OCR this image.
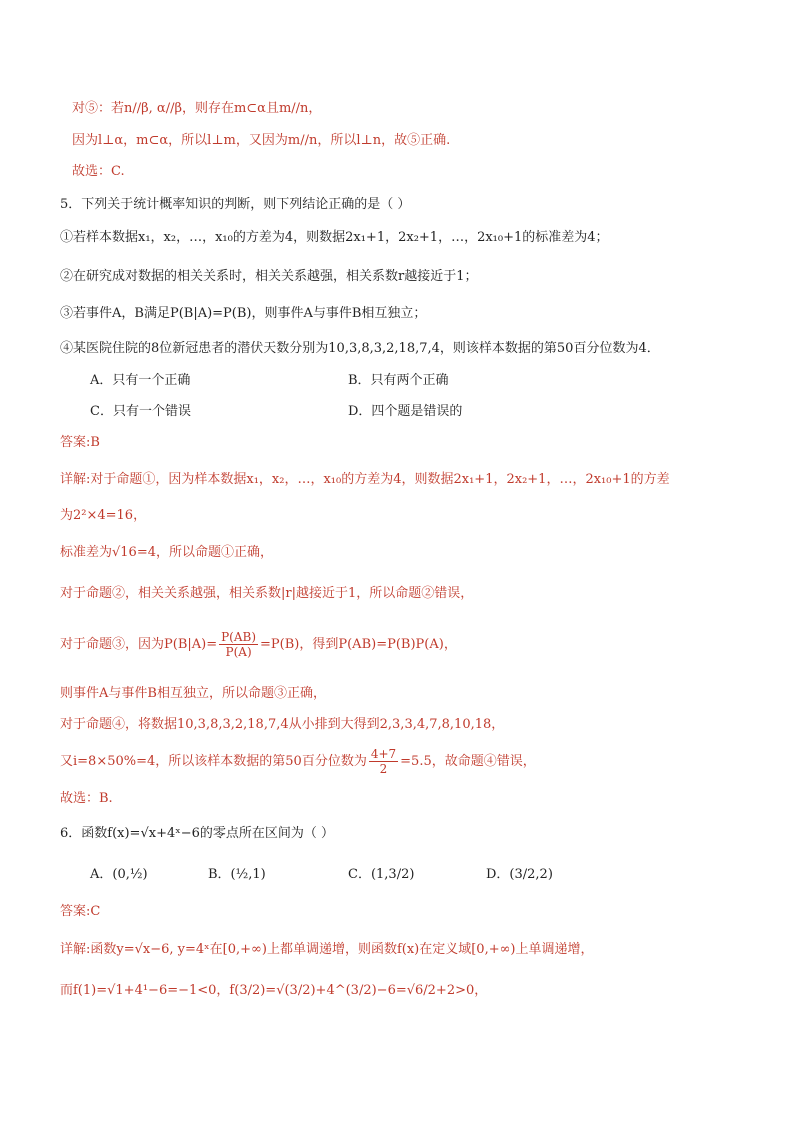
对⑤：若n//β, α//β，则存在m⊂α且m//n，
因为l⊥α，m⊂α，所以l⊥m，又因为m//n，所以l⊥n，故⑤正确.
故选：C.
5．下列关于统计概率知识的判断，则下列结论正确的是（ ）
①若样本数据x₁，x₂，…，x₁₀的方差为4，则数据2x₁+1，2x₂+1，…，2x₁₀+1的标准差为4；
②在研究成对数据的相关关系时，相关关系越强，相关系数r越接近于1；
③若事件A，B满足P(B|A)=P(B)，则事件A与事件B相互独立；
④某医院住院的8位新冠患者的潜伏天数分别为10,3,8,3,2,18,7,4，则该样本数据的第50百分位数为4．
A．只有一个正确	B．只有两个正确
C．只有一个错误	D．四个题是错误的
答案:B
详解:对于命题①，因为样本数据x₁，x₂，…，x₁₀的方差为4，则数据2x₁+1，2x₂+1，…，2x₁₀+1的方差
为2²×4=16，
标准差为√16=4，所以命题①正确，
对于命题②，相关关系越强，相关系数|r|越接近于1，所以命题②错误，
对于命题③，因为$P(B|A)= \frac{P(AB)}{P(A)} =P(B)$，得到P(AB)=P(B)P(A)，
则事件A与事件B相互独立，所以命题③正确，
对于命题④，将数据10,3,8,3,2,18,7,4从小排到大得到2,3,3,4,7,8,10,18，
又i=8×50%=4，所以该样本数据的第50百分位数为 $\frac{4+7}{2} =5.5$，故命题④错误，
故选：B.
6．函数f(x)=√x+4ˣ−6的零点所在区间为（ ）
A．(0,½)	B．(½,1)	C．(1,3/2)	D．(3/2,2)
答案:C
详解:函数y=√x−6, y=4ˣ在[0,+∞)上都单调递增，则函数f(x)在定义域[0,+∞)上单调递增，
而f(1)=√1+4¹−6=−1<0，f(3/2)=√(3/2)+4^(3/2)−6=√6/2+2>0，
